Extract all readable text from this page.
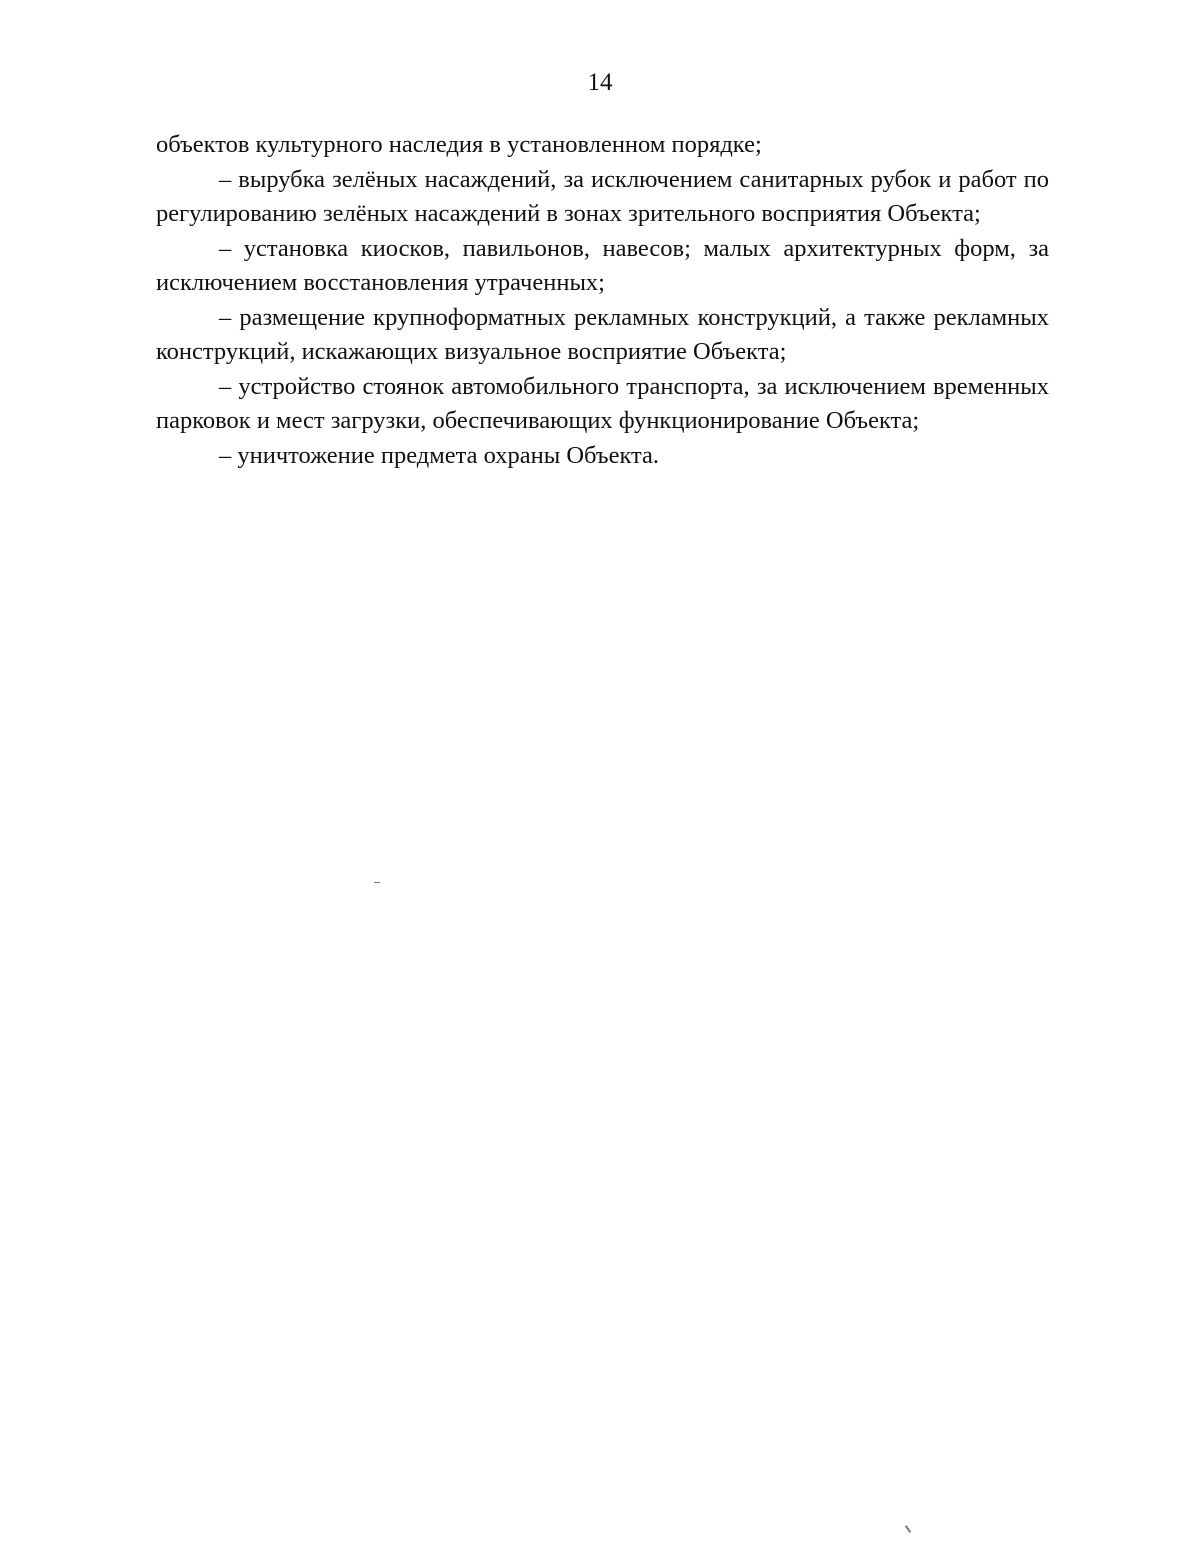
14

объектов культурного наследия в установленном порядке;

– вырубка зелёных насаждений, за исключением санитарных рубок и работ по регулированию зелёных насаждений в зонах зрительного восприятия Объекта;

– установка киосков, павильонов, навесов; малых архитектурных форм, за исключением восстановления утраченных;

– размещение крупноформатных рекламных конструкций, а также рекламных конструкций, искажающих визуальное восприятие Объекта;

– устройство стоянок автомобильного транспорта, за исключением временных парковок и мест загрузки, обеспечивающих функционирование Объекта;

– уничтожение предмета охраны Объекта.
